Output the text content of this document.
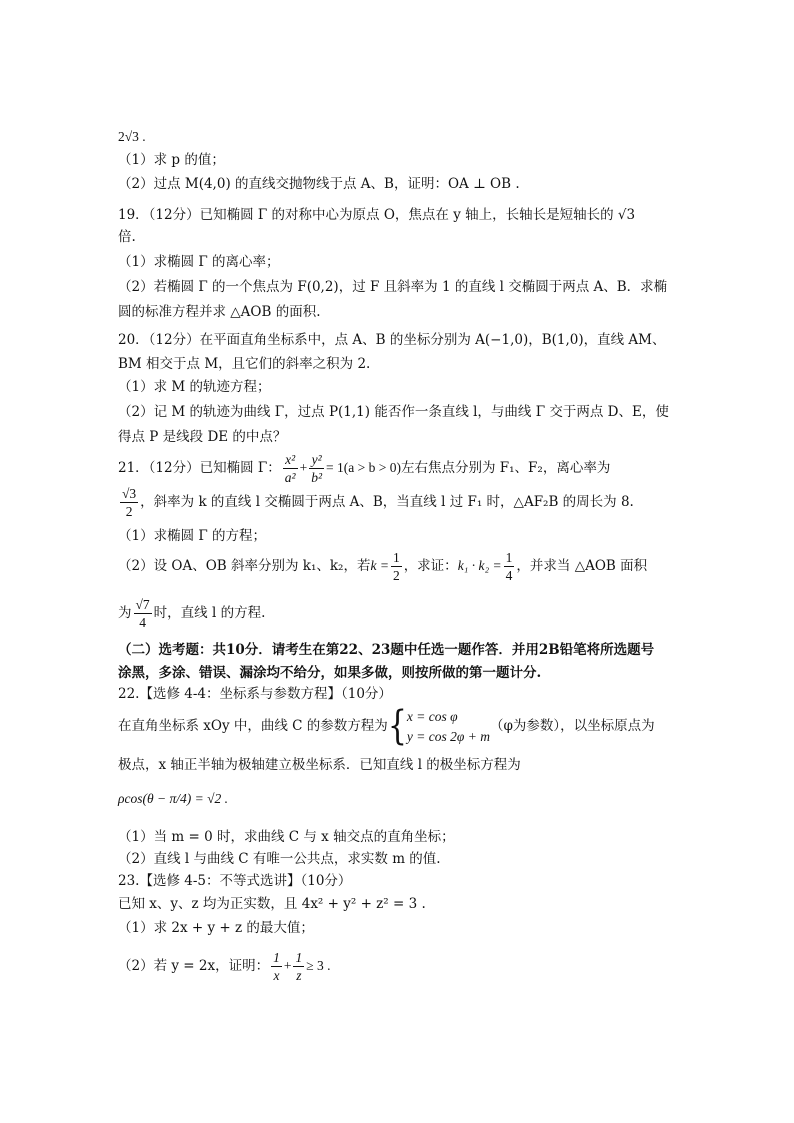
2√3 .
（1）求 p 的值；
（2）过点 M(4,0) 的直线交抛物线于点 A、B，证明：OA ⊥ OB .
19．（12分）已知椭圆 Γ 的对称中心为原点 O，焦点在 y 轴上，长轴长是短轴长的 √3
倍.
（1）求椭圆 Γ 的离心率；
（2）若椭圆 Γ 的一个焦点为 F(0,2)，过 F 且斜率为 1 的直线 l 交椭圆于两点 A、B．求椭
圆的标准方程并求 △AOB 的面积.
20．（12分）在平面直角坐标系中，点 A、B 的坐标分别为 A(−1,0)，B(1,0)，直线 AM、
BM 相交于点 M，且它们的斜率之积为 2.
（1）求 M 的轨迹方程；
（2）记 M 的轨迹为曲线 Γ，过点 P(1,1) 能否作一条直线 l，与曲线 Γ 交于两点 D、E，使
得点 P 是线段 DE 的中点？
21．（12分）已知椭圆 Γ： $\frac{\text{x²}}{\text{a²}} + \frac{\text{y²}}{\text{b²}} = 1(a > b > 0)$左右焦点分别为 F₁、F₂，离心率为
$\frac{√3}{2}$ ，斜率为 k 的直线 l 交椭圆于两点 A、B，当直线 l 过 F₁ 时，△AF₂B 的周长为 8.
（1）求椭圆 Γ 的方程；
（2）设 OA、OB 斜率分别为 k₁、k₂，若$k = \frac{1}{2}$ ，求证：$k_1 \cdot k_2 = \frac{1}{4}$ ，并求当 △AOB 面积
为 $\frac{√7}{4}$ 时，直线 l 的方程.
（二）选考题：共10分．请考生在第22、23题中任选一题作答．并用2B铅笔将所选题号
涂黑，多涂、错误、漏涂均不给分，如果多做，则按所做的第一题计分.
22.【选修 4-4：坐标系与参数方程】（10分）
在直角坐标系 xOy 中，曲线 C 的参数方程为{ x = cos φ
y = cos 2φ + m
（φ为参数），以坐标原点为
极点，x 轴正半轴为极轴建立极坐标系．已知直线 l 的极坐标方程为
ρcos(θ − π/4) = √2 .
（1）当 m = 0 时，求曲线 C 与 x 轴交点的直角坐标；
（2）直线 l 与曲线 C 有唯一公共点，求实数 m 的值.
23.【选修 4-5：不等式选讲】（10分）
已知 x、y、z 均为正实数，且 4x² + y² + z² = 3 .
（1）求 2x + y + z 的最大值；
（2）若 y = 2x，证明： $\frac{1}{x} + \frac{1}{z} \ge 3$ .
